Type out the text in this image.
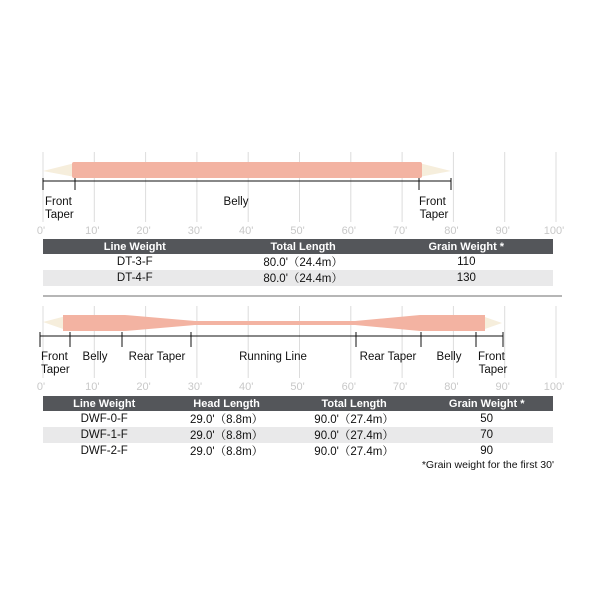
0'	10'	20'	30'	40'	50'	60'	70'	80'	90'	100'
Front Taper
Belly	Front Taper
0'	10'	20'	30'	40'	50'	60'	70'	80'	90'	100'
Front Taper
Belly Rear Taper	Running Line	Rear Taper Belly Front Taper
Line Weight	Total Length	Grain Weight *
DT-3-F	80.0'（24.4m）	110
DT-4-F	80.0'（24.4m）	130
Line Weight	Head Length	Total Length	Grain Weight *
DWF-0-F	29.0'（8.8m）	90.0'（27.4m）	50
DWF-1-F	29.0'（8.8m）	90.0'（27.4m）	70
DWF-2-F	29.0'（8.8m）	90.0'（27.4m）	90
*Grain weight for the first 30'
